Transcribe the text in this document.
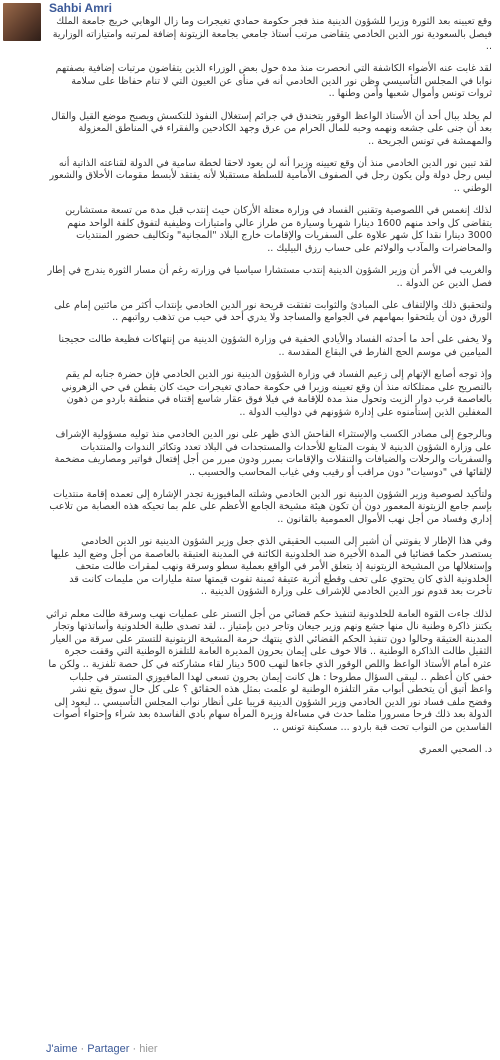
Sahbi Amri

وقع تعيينه بعد الثورة وزيرا للشؤون الدينية منذ فجر حكومة حمادي تغيجرات وما زال الوهابي خريج جامعة الملك فيصل بالسعودية نور الدين الخادمي يتقاضى مرتب أستاذ جامعي بجامعة الزيتونة إضافة لمرتبه وامتيازاته الوزارية ..

لقد غابت عنه الأضواء الكاشفة التي انحصرت منذ مدة حول بعض الوزراء الذين يتقاضون مرتبات إضافية بصفتهم نوابا في المجلس التأسيسي وظن نور الدين الخادمي أنه في منأى عن العيون التي لا تنام حفاظا على سلامة ثروات تونس وأموال شعبها وأمن وطنها ..

لم يخلد ببال أحد أن الأستاذ الواعظ الوقور يتخندق في جرائم إستغلال النفوذ للتكسش ويصبح موضع القيل والقال بعد أن جنى على جشعه ونهمه وحبه للمال الحرام من عرق وجهد الكادحين والفقراء في المناطق المعزولة والمهمشة في تونس الجريحة ..

لقد تبين نور الدين الخادمي منذ أن وقع تعيينه وزيرا أنه لن يعود لاحقا لخطة سامية في الدولة لقناعته الذاتية أنه ليس رجل دولة ولن يكون رجل في الصفوف الأمامية للسلطة مستقبلا لأنه يفتقد لأبسط مقومات الأخلاق والشعور الوطني ..

لذلك إنغمس في اللصوصية وتقنين الفساد في وزارة معتلة الأركان حيث إنتدب قبل مدة من تسعة مستشارين يتقاضى كل واحد منهم 1600 دينارا شهريا وسيارة من طراز عالي وامتيازات وظيفية لتفوق كلفة الواحد منهم 3000 دينارا نقدا كل شهر علاوة على السفريات والإقامات خارج البلاد "المجانية" وتكاليف حضور المنتديات والمحاضرات والمآدب والولائم على حساب رزق البيليك ..

والغريب في الأمر أن وزير الشؤون الدينية إنتدب مستشارا سياسيا في وزارته رغم أن مسار الثورة يندرج في إطار فصل الدين عن الدولة ..

ولتحقيق ذلك والإلتفاف على المبادئ والثوابت تفتقت قريحة نور الدين الخادمي بإنتداب أكثر من مائتين إمام على الورق دون أن يلتحقوا بمهامهم في الجوامع والمساجد ولا يدري أحد في حيب من تذهب رواتبهم ..

ولا يخفى على أحد ما أحدثه الفساد والأيادي الخفية في وزارة الشؤون الدينية من إنتهاكات فظيعة طالت حجيجنا الميامين في موسم الحج الفارط في البقاع المقدسة ..

وإذ توجه أصابع الإتهام إلى زعيم الفساد في وزارة الشؤون الدينية نور الدين الخادمي فإن حضرة جنابه لم يقم بالتصريح على ممتلكاته منذ أن وقع تعيينه وزيرا في حكومة حمادي تغيجرات حيث كان يقطن في حي الزهروني بالعاصمة قرب دوار الزيت وتحول منذ مدة للإقامة في فيلا فوق عقار شاسع إقتناه في منطقة باردو من ذهون المغفلين الذين إستأمنوه على إدارة شؤونهم في دواليب الدولة ..

وبالرجوع إلى مصادر الكسب والإستثراء الفاحش الذي ظهر على نور الدين الخادمي منذ توليه مسؤولية الإشراف على وزارة الشؤون الدينية لا يفوت المتابع للأحداث والمستجدات في البلاد تعدد وتكاثر الندوات والمنتديات والسفريات والرحلات والضيافات والتنقلات والإقامات بمبرر ودون مبرر من أجل إفتعال فواتير ومصاريف مضخمة لإلقائها في "دوسيات" دون مراقب أو رقيب وفي غياب المحاسب والحسيب ..

ولتأكيد لصوصية وزير الشؤون الدينية نور الدين الخادمي وشلته المافيوزية تجدر الإشارة إلى تعمده إقامة منتديات بإسم جامع الزيتونة المعمور دون أن تكون هيئة مشيخة الجامع الأعظم على علم بما تحيكه هذه العصابة من تلاعب إداري وفساد من أجل نهب الأموال العمومية بالقانون ..

وفي هذا الإطار لا يفوتني أن أشير إلى السبب الحقيقي الذي جعل وزير الشؤون الدينية نور الدين الخادمي يستصدر حكما قضائيا في المدة الأخيرة ضد الخلدونية الكائنة في المدينة العتيقة بالعاصمة من أجل وضع اليد عليها وإستغلالها من المشيخة الزيتونية إذ يتعلق الأمر في الواقع بعملية سطو وسرقة ونهب لمقرات طالت متحف الخلدونية الذي كان يحتوي على تحف وقطع أثرية عتيقة ثمينة تفوت قيمتها ستة مليارات من مليمات كانت قد تأخرت بعد قدوم نور الدين الخادمي للإشراف على وزارة الشؤون الدينية ..

لذلك جاءت القوة العامة للخلدونية لتنفيذ حكم قضائي من أجل التستر على عمليات نهب وسرقة طالت معلم تراثي يكتنز ذاكرة وطنية نال منها جشع ونهم وزير جيعان وتاجر دين بإمتياز .. لقد تصدى طلبة الخلدونية وأساتذتها وتجار المدينة العتيقة وحالوا دون تنفيذ الحكم القضائي الذي ينتهك حرمة المشيخة الزيتونية للتستر على سرقة من العيار الثقيل طالت الذاكرة الوطنية .. قالا خوف على إيمان بحرون المديرة العامة للتلفزة الوطنية التي وقفت حجرة عثرة أمام الأستاذ الواعظ واللص الوقور الذي جاءها لنهب 500 دينار لقاء مشاركته في كل حصة تلفزية .. ولكن ما خفي كان أعظم .. ليبقى السؤال مطروحا : هل كانت إيمان بحرون تسعى لهدا المافيوزي المتستر في جلباب واعظ أتيق أن يتخطى أبواب مقر التلفزة الوطنية لو علمت بمثل هذه الحقائق ؟ على كل حال سوق يقع نشر وفضح ملف فساد نور الدين الخادمي وزير الشؤون الدينية قريبا على أنظار نواب المجلس التأسيسي .. ليعود إلى الدولة بعد ذلك فرحا مسرورا مثلما حدث في مساءلة وزيرة المرأة سهام بادي الفاسدة بعد شراء وإحتواء أصوات الفاسدين من النواب تحت قبة باردو ... مسكينة تونس ..

د. الصحبي العمري

J'aime · Partager · hier
